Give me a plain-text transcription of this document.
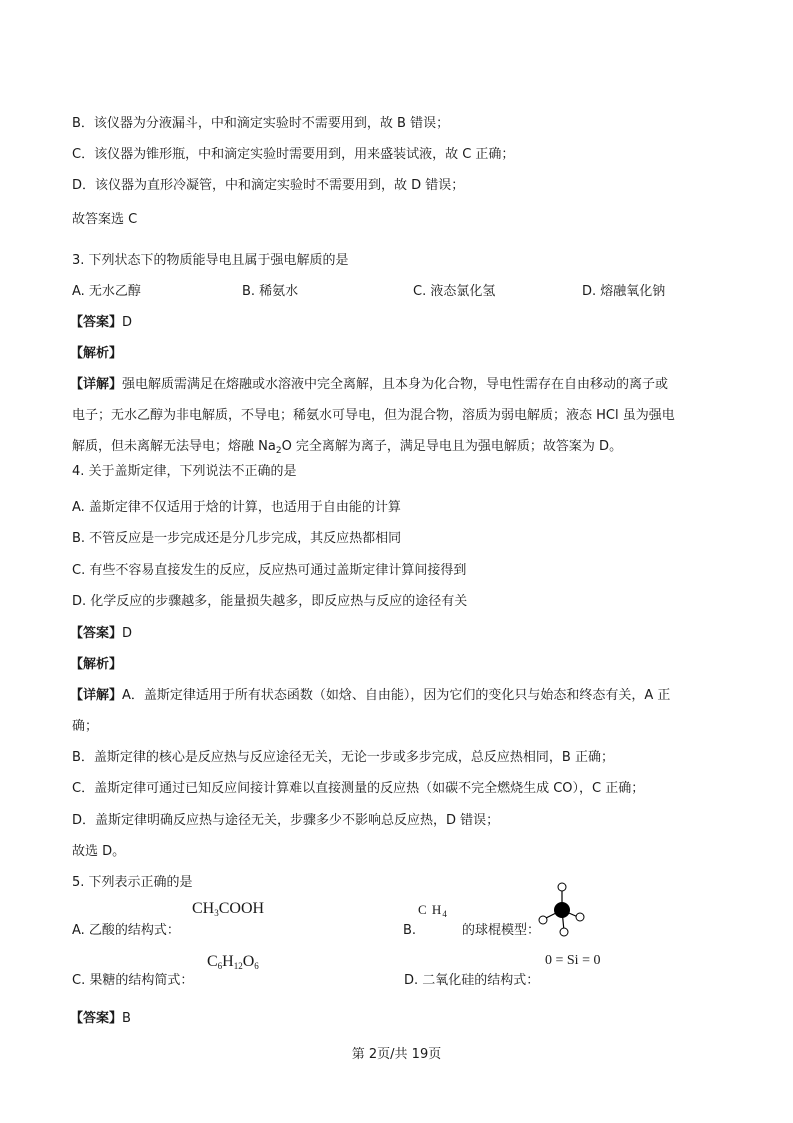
B．该仪器为分液漏斗，中和滴定实验时不需要用到，故 B 错误；
C．该仪器为锥形瓶，中和滴定实验时需要用到，用来盛装试液，故 C 正确；
D．该仪器为直形冷凝管，中和滴定实验时不需要用到，故 D 错误；
故答案选 C
3. 下列状态下的物质能导电且属于强电解质的是
A. 无水乙醇	B. 稀氨水	C. 液态氯化氢	D. 熔融氧化钠
【答案】D
【解析】
【详解】强电解质需满足在熔融或水溶液中完全离解，且本身为化合物，导电性需存在自由移动的离子或
电子；无水乙醇为非电解质，不导电；稀氨水可导电，但为混合物，溶质为弱电解质；液态 HCl 虽为强电
解质，但未离解无法导电；熔融 $Na_2O$ 完全离解为离子，满足导电且为强电解质；故答案为 D。
4. 关于盖斯定律，下列说法不正确的是
A. 盖斯定律不仅适用于焓的计算，也适用于自由能的计算
B. 不管反应是一步完成还是分几步完成，其反应热都相同
C. 有些不容易直接发生的反应，反应热可通过盖斯定律计算间接得到
D. 化学反应的步骤越多，能量损失越多，即反应热与反应的途径有关
【答案】D
【解析】
【详解】A．盖斯定律适用于所有状态函数（如焓、自由能），因为它们的变化只与始态和终态有关，A 正
确；
B．盖斯定律的核心是反应热与反应途径无关，无论一步或多步完成，总反应热相同，B 正确；
C．盖斯定律可通过已知反应间接计算难以直接测量的反应热（如碳不完全燃烧生成 CO），C 正确；
D．盖斯定律明确反应热与途径无关，步骤多少不影响总反应热，D 错误；
故选 D。
5. 下列表示正确的是
$CH_3COOH$
A. 乙酸的结构式：
C $H_4$
B.	的球棍模型：
$C_6H_{12}O_6$
C. 果糖的结构简式：
0 = Si = 0
D. 二氧化硅的结构式：
【答案】B
第 2页/共 19页
